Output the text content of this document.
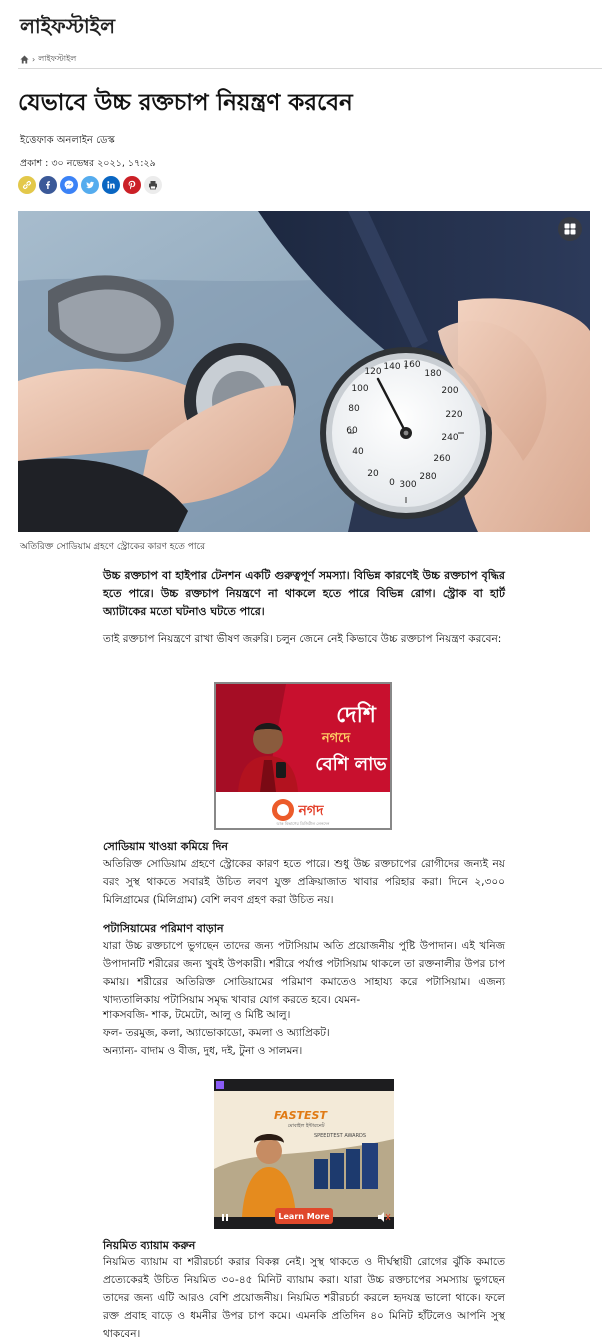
লাইফস্টাইল
› লাইফস্টাইল
যেভাবে উচ্চ রক্তচাপ নিয়ন্ত্রণ করবেন
ইত্তেফাক অনলাইন ডেস্ক
প্রকাশ : ৩০ নভেম্বর ২০২১, ১৭:২৯
20
40
60
80
100
120 140 160
180
200
220
240
260
280
300
0
অতিরিক্ত সোডিয়াম গ্রহণে স্ট্রোকের কারণ হতে পারে

উচ্চ রক্তচাপ বা হাইপার টেনশন একটি গুরুত্বপূর্ণ সমস্যা। বিভিন্ন কারণেই উচ্চ রক্তচাপ বৃদ্ধির হতে পারে। উচ্চ রক্তচাপ নিয়ন্ত্রণে না থাকলে হতে পারে বিভিন্ন রোগ। স্ট্রোক বা হার্ট অ্যাটাকের মতো ঘটনাও ঘটতে পারে।

তাই রক্তচাপ নিয়ন্ত্রণে রাখা ভীষণ জরুরি। চলুন জেনে নেই কিভাবে উচ্চ রক্তচাপ নিয়ন্ত্রণ করবেন:

দেশি
নগদে
বেশি লাভ
নগদ
ডাক বিভাগের ডিজিটাল লেনদেন
সোডিয়াম খাওয়া কমিয়ে দিন

অতিরিক্ত সোডিয়াম গ্রহণে স্ট্রোকের কারণ হতে পারে। শুধু উচ্চ রক্তচাপের রোগীদের জন্যই নয় বরং সুস্থ থাকতে সবারই উচিত লবণ যুক্ত প্রক্রিয়াজাত খাবার পরিহার করা। দিনে ২,৩০০ মিলিগ্রামের (মিলিগ্রাম) বেশি লবণ গ্রহণ করা উচিত নয়।

পটাসিয়ামের পরিমাণ বাড়ান

যারা উচ্চ রক্তচাপে ভুগছেন তাদের জন্য পটাসিয়াম অতি প্রয়োজনীয় পুষ্টি উপাদান। এই খনিজ উপাদানটি শরীরের জন্য খুবই উপকারী। শরীরে পর্যাপ্ত পটাসিয়াম থাকলে তা রক্তনালীর উপর চাপ কমায়। শরীরের অতিরিক্ত সোডিয়ামের পরিমাণ কমাতেও সাহায্য করে পটাসিয়াম। এজন্য খাদ্যতালিকায় পটাসিয়াম সমৃদ্ধ খাবার যোগ করতে হবে। যেমন-

শাকসবজি- শাক, টমেটো, আলু ও মিষ্টি আলু।
ফল- তরমুজ, কলা, অ্যাভোকাডো, কমলা ও অ্যাপ্রিকট।
অন্যান্য- বাদাম ও বীজ, দুধ, দই, টুনা ও সালমন।
SPEEDTEST AWARDS
মোবাইল ইন্টারনেট
FASTEST
Learn More
নিয়মিত ব্যায়াম করুন

নিয়মিত ব্যায়াম বা শরীরচর্চা করার বিকল্প নেই। সুস্থ থাকতে ও দীর্ঘস্থায়ী রোগের ঝুঁকি কমাতে প্রত্যেকেরই উচিত নিয়মিত ৩০-৪৫ মিনিট ব্যায়াম করা। যারা উচ্চ রক্তচাপের সমস্যায় ভুগছেন তাদের জন্য এটি আরও বেশি প্রয়োজনীয়। নিয়মিত শরীরচর্চা করলে হৃদযন্ত্র ভালো থাকে। ফলে রক্ত প্রবাহ বাড়ে ও ধমনীর উপর চাপ কমে। এমনকি প্রতিদিন ৪০ মিনিট হাঁটলেও আপনি সুস্থ থাকবেন।
